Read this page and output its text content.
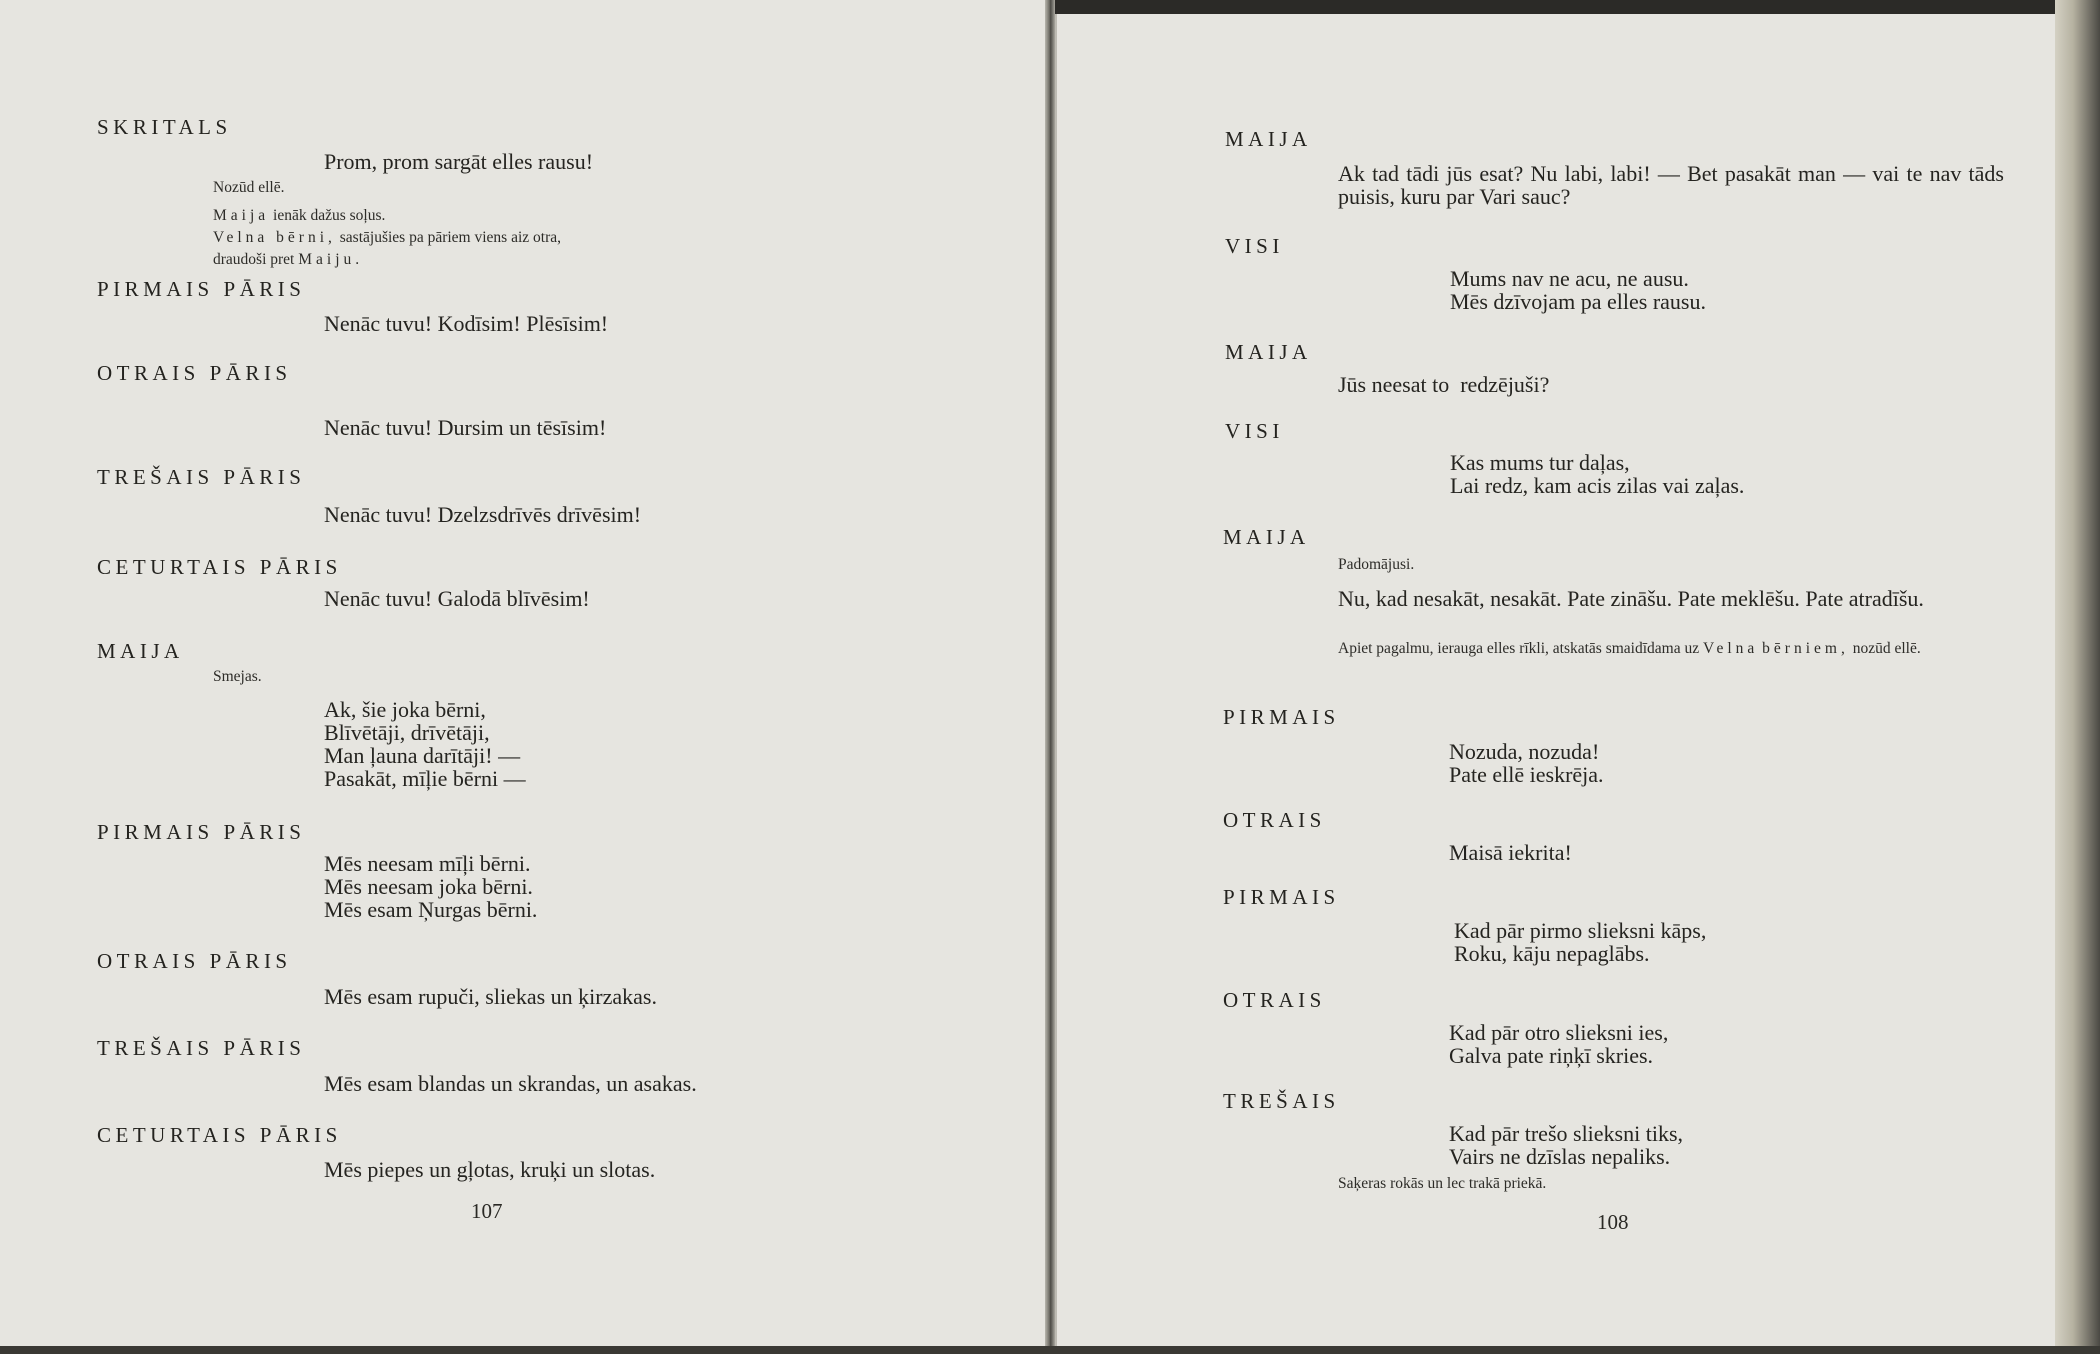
SKRITALS
Prom, prom sargāt elles rausu!
Nozūd ellē.
Maija ienāk dažus soļus.
Velna bērni, sastājušies pa pāriem viens aiz otra,
draudoši pret Maiju.
PIRMAIS PĀRIS
Nenāc tuvu! Kodīsim! Plēsīsim!
OTRAIS PĀRIS
Nenāc tuvu! Dursim un tēsīsim!
TREŠAIS PĀRIS
Nenāc tuvu! Dzelzsdrīvēs drīvēsim!
CETURTAIS PĀRIS
Nenāc tuvu! Galodā blīvēsim!
MAIJA
Smejas.
Ak, šie joka bērni,
Blīvētāji, drīvētāji,
Man ļauna darītāji! —
Pasakāt, mīļie bērni —
PIRMAIS PĀRIS
Mēs neesam mīļi bērni.
Mēs neesam joka bērni.
Mēs esam Ņurgas bērni.
OTRAIS PĀRIS
Mēs esam rupuči, sliekas un ķirzakas.
TREŠAIS PĀRIS
Mēs esam blandas un skrandas, un asakas.
CETURTAIS PĀRIS
Mēs piepes un gļotas, kruķi un slotas.
107
MAIJA
Ak tad tādi jūs esat? Nu labi, labi! — Bet pasakāt man — vai te nav tāds puisis, kuru par Vari sauc?
VISI
Mums nav ne acu, ne ausu.
Mēs dzīvojam pa elles rausu.
MAIJA
Jūs neesat to  redzējuši?
VISI
Kas mums tur daļas,
Lai redz, kam acis zilas vai zaļas.
MAIJA
Padomājusi.
Nu, kad nesakāt, nesakāt. Pate zināšu. Pate meklēšu. Pate atradīšu.
Apiet pagalmu, ierauga elles rīkli, atskatās smaidīdama uz Velna bērniem, nozūd ellē.
PIRMAIS
Nozuda, nozuda!
Pate ellē ieskrēja.
OTRAIS
Maisā iekrita!
PIRMAIS
Kad pār pirmo slieksni kāps,
Roku, kāju nepaglābs.
OTRAIS
Kad pār otro slieksni ies,
Galva pate riņķī skries.
TREŠAIS
Kad pār trešo slieksni tiks,
Vairs ne dzīslas nepaliks.
Saķeras rokās un lec trakā priekā.
108
